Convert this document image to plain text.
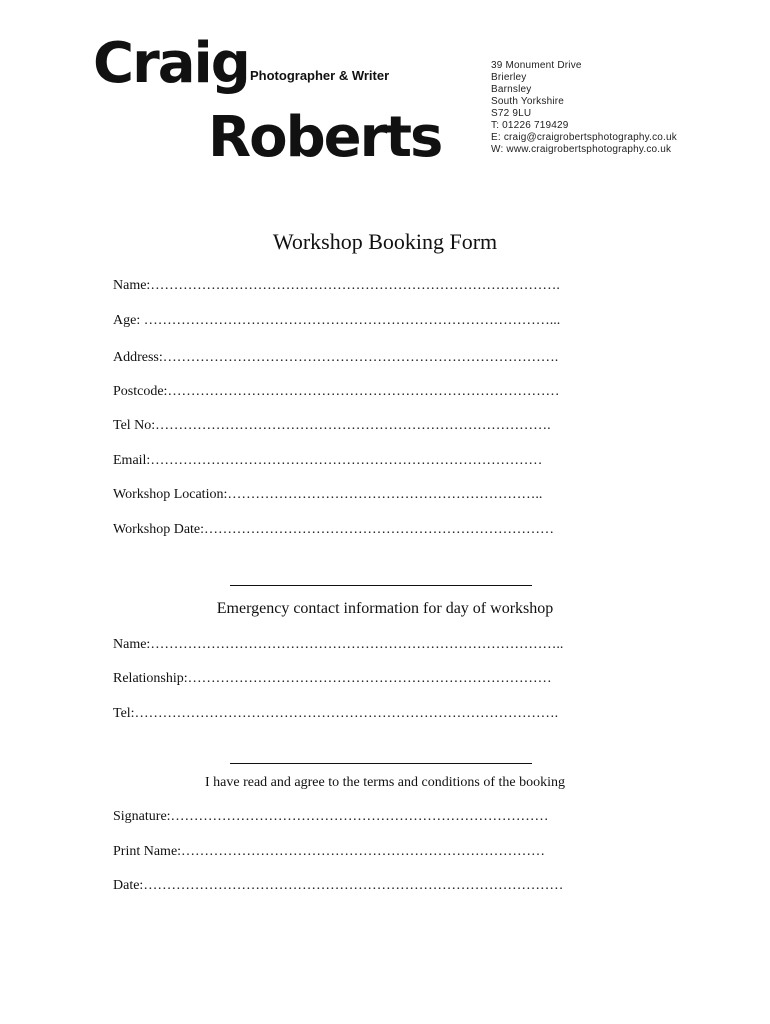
Craig Photographer & Writer
Roberts
39 Monument Drive
Brierley
Barnsley
South Yorkshire
S72 9LU
T: 01226 719429
E: craig@craigrobertsphotography.co.uk
W: www.craigrobertsphotography.co.uk
Workshop Booking Form
Name:…………………………………………………………………………….
Age: ……………………………………………………………………………...
Address:………………………………………………………………………….
Postcode:…………………………………………………………………………
Tel No:………………………………………………………………………….
Email:…………………………………………………………………………
Workshop Location:…………………………………………………………..
Workshop Date:…………………………………………………………………
Emergency contact information for day of workshop
Name:……………………………………………………………………………..
Relationship:……………………………………………………………………
Tel:……………………………………………………………………………….
I have read and agree to the terms and conditions of the booking
Signature:………………………………………………………………………
Print Name:……………………………………………………………………
Date:………………………………………………………………………………
